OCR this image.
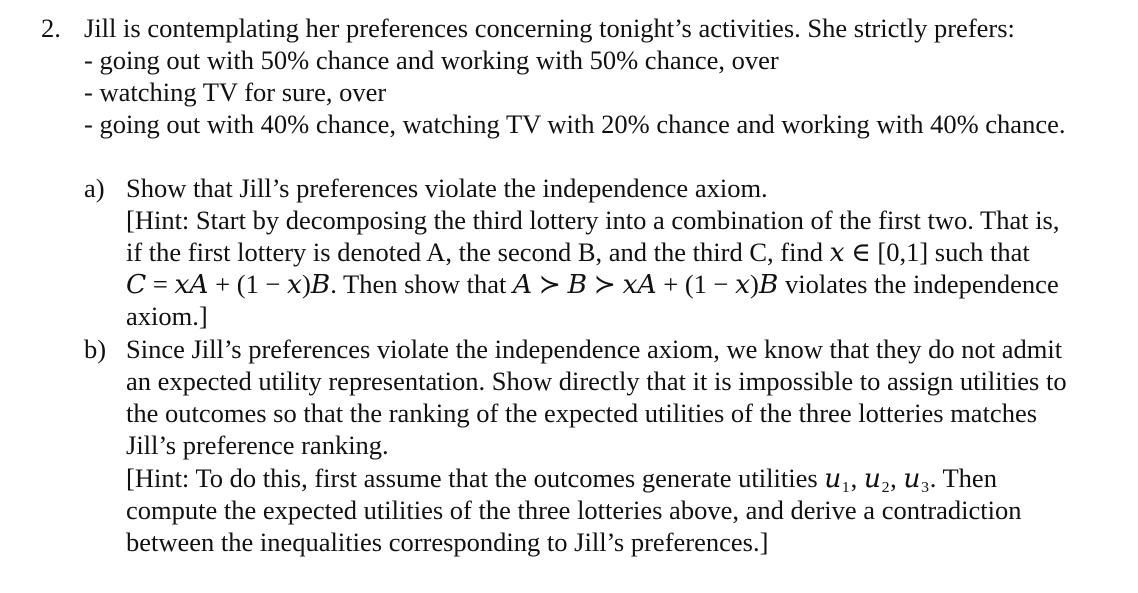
2. Jill is contemplating her preferences concerning tonight’s activities. She strictly prefers:
- going out with 50% chance and working with 50% chance, over
- watching TV for sure, over
- going out with 40% chance, watching TV with 20% chance and working with 40% chance.
a) Show that Jill’s preferences violate the independence axiom.
[Hint: Start by decomposing the third lottery into a combination of the first two. That is,
if the first lottery is denoted A, the second B, and the third C, find 𝑥 ∈ [0,1] such that
𝐶 = 𝑥𝐴 + (1 − 𝑥)𝐵. Then show that 𝐴 ≻ 𝐵 ≻ 𝑥𝐴 + (1 − 𝑥)𝐵 violates the independence
axiom.]
b) Since Jill’s preferences violate the independence axiom, we know that they do not admit
an expected utility representation. Show directly that it is impossible to assign utilities to
the outcomes so that the ranking of the expected utilities of the three lotteries matches
Jill’s preference ranking.
[Hint: To do this, first assume that the outcomes generate utilities 𝑢₁, 𝑢₂, 𝑢₃. Then
compute the expected utilities of the three lotteries above, and derive a contradiction
between the inequalities corresponding to Jill’s preferences.]
